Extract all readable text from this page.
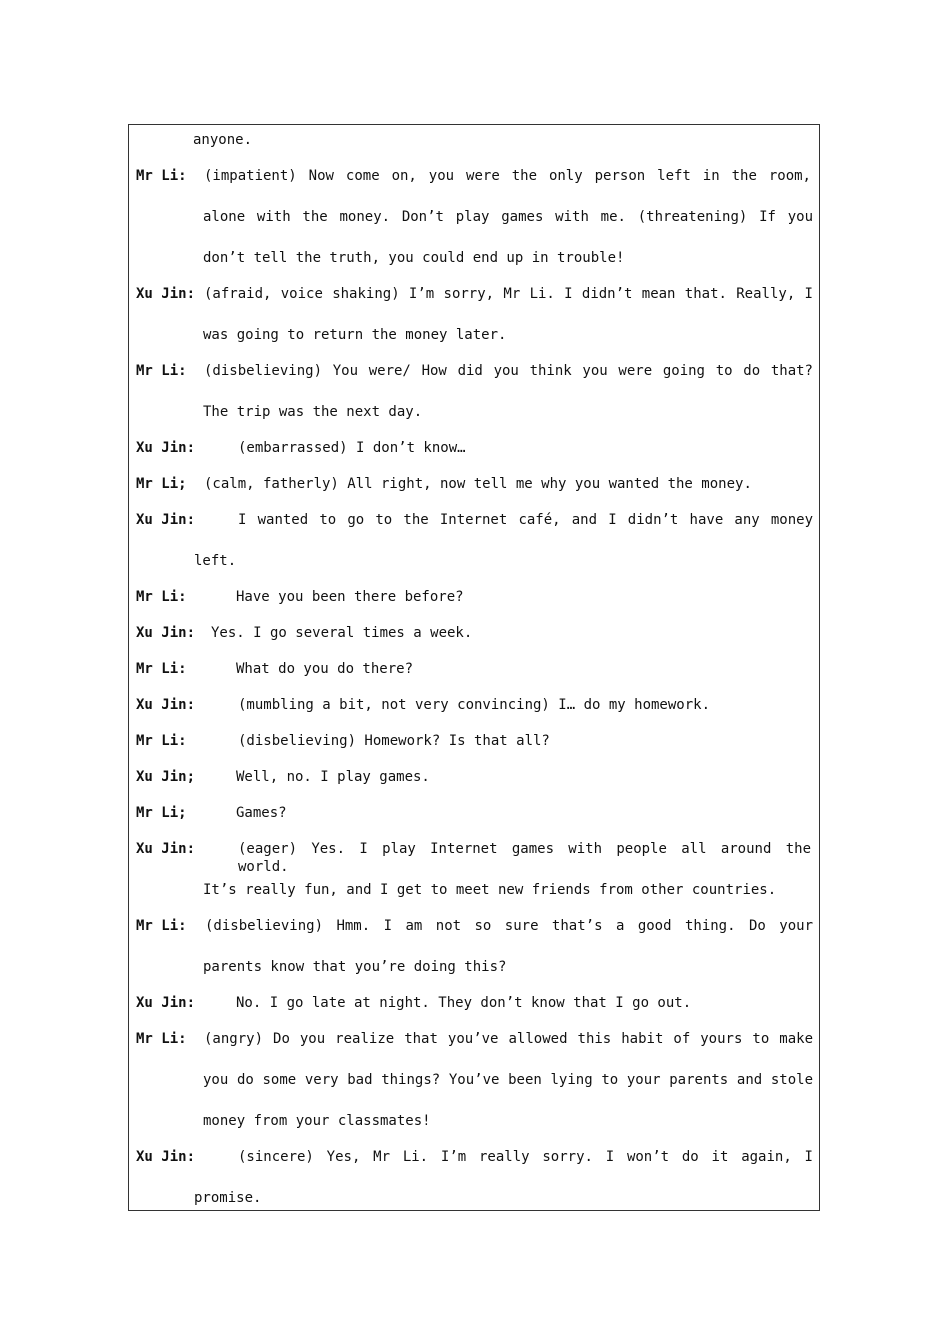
anyone.
Mr Li: (impatient) Now come on, you were the only person left in the room,
alone with the money. Don’t play games with me. (threatening) If you
don’t tell the truth, you could end up in trouble!
Xu Jin: (afraid, voice shaking) I’m sorry, Mr Li. I didn’t mean that. Really, I
was going to return the money later.
Mr Li: (disbelieving) You were/ How did you think you were going to do that?
The trip was the next day.
Xu Jin:	(embarrassed) I don’t know…
Mr Li; (calm, fatherly) All right, now tell me why you wanted the money.
Xu Jin:	I wanted to go to the Internet café, and I didn’t have any money
left.
Mr Li:	Have you been there before?
Xu Jin: Yes. I go several times a week.
Mr Li:	What do you do there?
Xu Jin:	(mumbling a bit, not very convincing) I… do my homework.
Mr Li:	(disbelieving) Homework? Is that all?
Xu Jin;	Well, no. I play games.
Mr Li;	Games?
Xu Jin:	(eager) Yes. I play Internet games with people all around the world.
It’s really fun, and I get to meet new friends from other countries.
Mr Li: (disbelieving) Hmm. I am not so sure that’s a good thing. Do your
parents know that you’re doing this?
Xu Jin:	No. I go late at night. They don’t know that I go out.
Mr Li: (angry) Do you realize that you’ve allowed this habit of yours to make
you do some very bad things? You’ve been lying to your parents and stole
money from your classmates!
Xu Jin:	(sincere) Yes, Mr Li. I’m really sorry. I won’t do it again, I
promise.
